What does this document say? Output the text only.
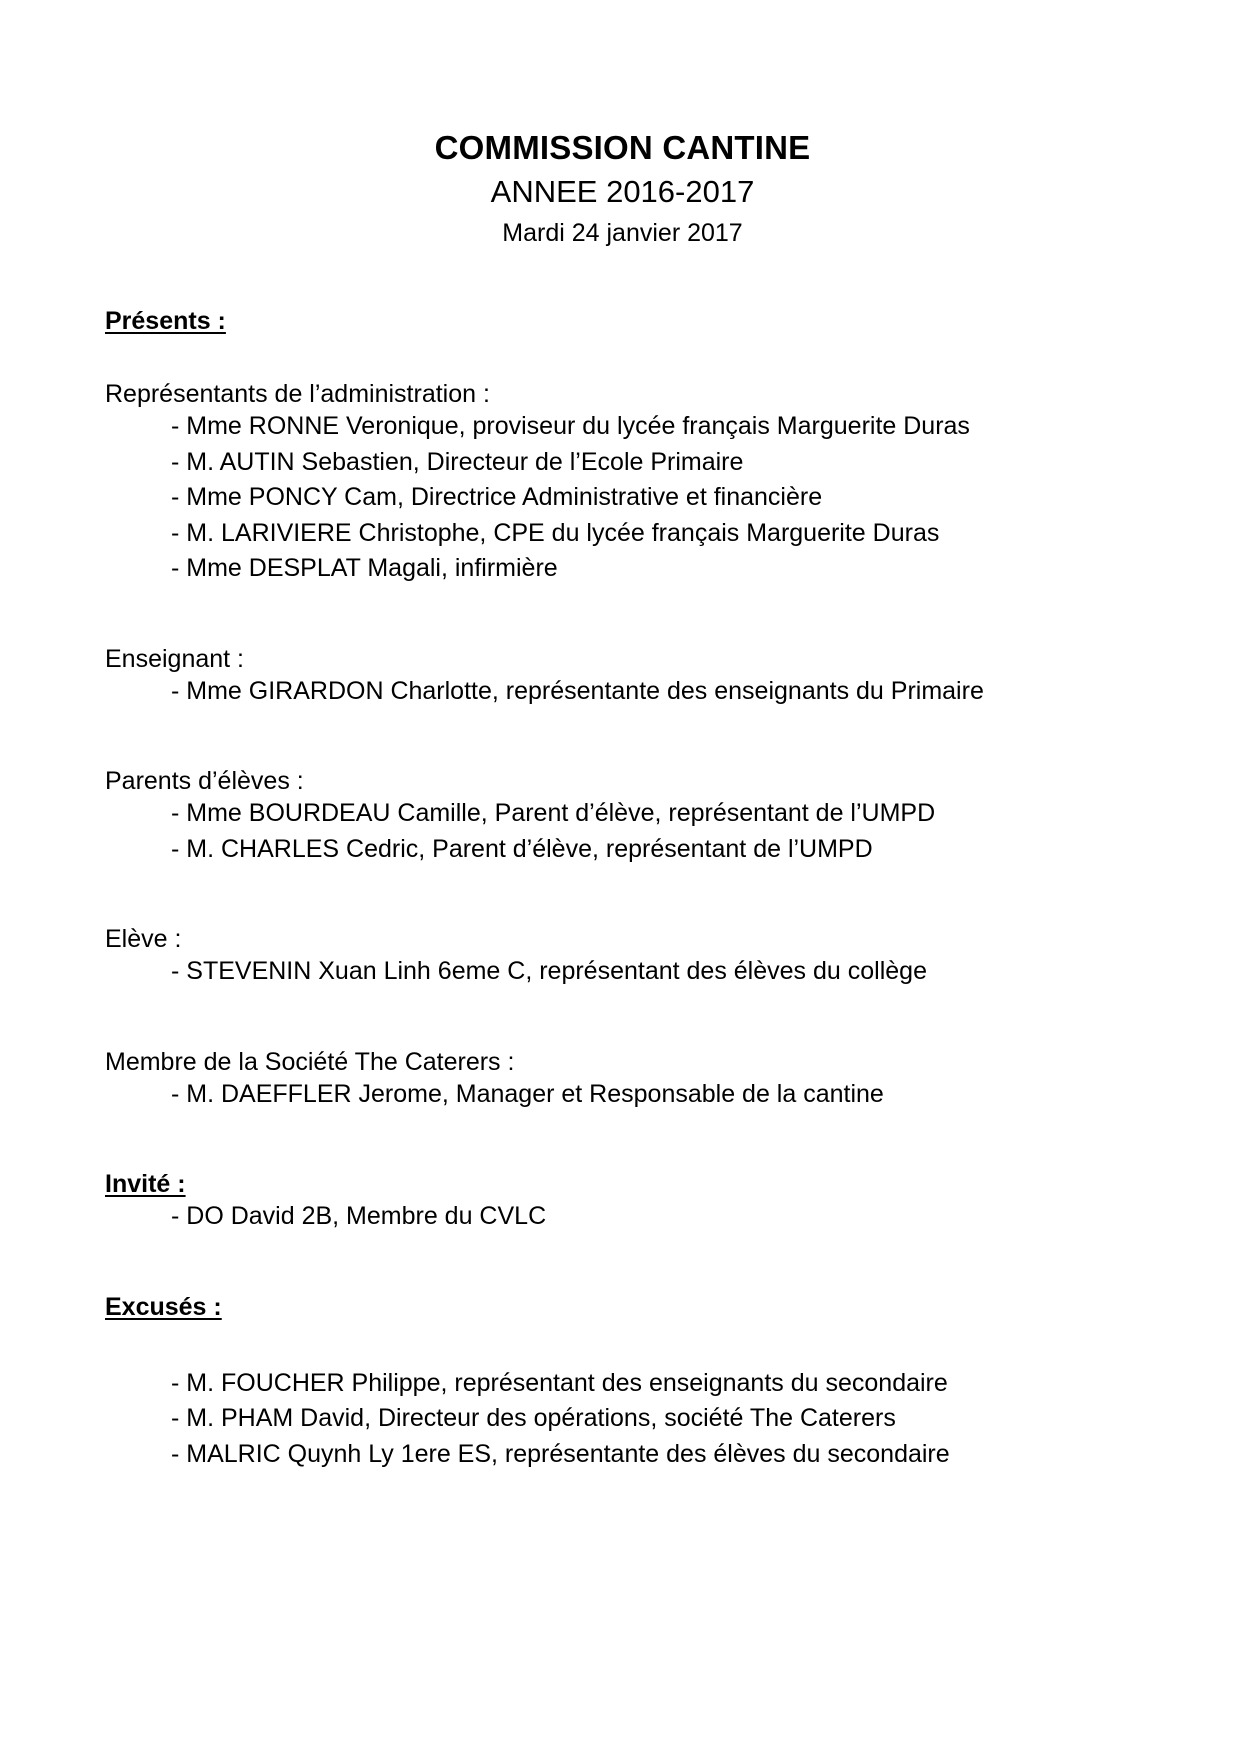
COMMISSION CANTINE
ANNEE 2016-2017
Mardi 24 janvier 2017
Présents :
Représentants de l’administration :
- Mme RONNE Veronique, proviseur du lycée français Marguerite Duras
- M. AUTIN Sebastien, Directeur de l’Ecole Primaire
- Mme PONCY Cam, Directrice Administrative et financière
- M. LARIVIERE Christophe, CPE du lycée français Marguerite Duras
- Mme DESPLAT Magali, infirmière
Enseignant :
- Mme GIRARDON Charlotte, représentante des enseignants du Primaire
Parents d’élèves :
- Mme BOURDEAU Camille, Parent d’élève, représentant de l’UMPD
- M. CHARLES Cedric, Parent d’élève, représentant de l’UMPD
Elève :
- STEVENIN Xuan Linh 6eme C, représentant des élèves du collège
Membre de la Société The Caterers :
- M. DAEFFLER Jerome, Manager et Responsable de la cantine
Invité :
- DO David 2B, Membre du CVLC
Excusés :
- M. FOUCHER Philippe, représentant des enseignants du secondaire
- M. PHAM David, Directeur des opérations, société The Caterers
- MALRIC Quynh Ly 1ere ES, représentante des élèves du secondaire
